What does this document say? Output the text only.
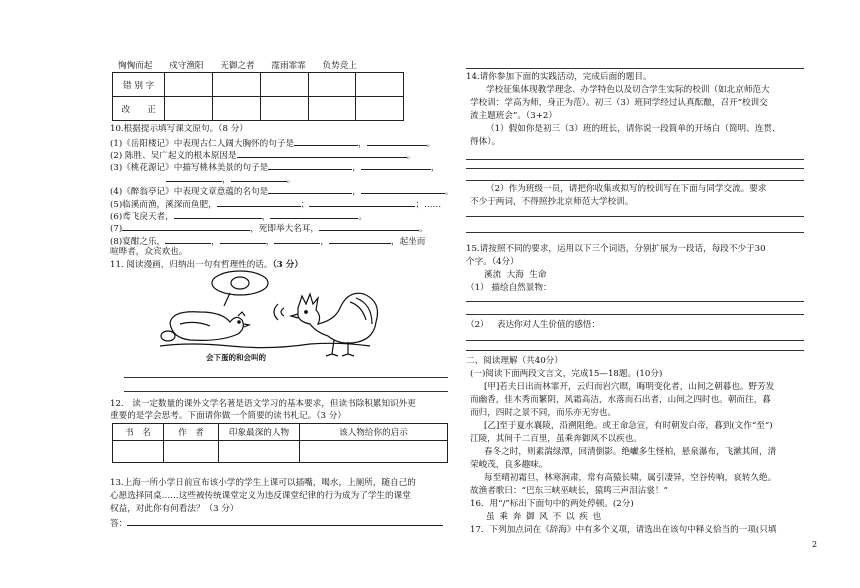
恟恟而起 戍守渔阳 无御之者 霪雨霏霏 负势竞上
错 别 字					
改　　正					
10.根据提示填写课文原句。（8 分）
(1)《岳阳楼记》中表现古仁人阔大胸怀的句子是	，	。
(2) 陈胜、吴广起义的根本原因是	。
(3)《桃花源记》中描写桃林美景的句子是	，	，
，	。
(4)《醉翁亭记》中表现文章意蕴的名句是	，	。
(5)临溪而渔，溪深而鱼肥，	；	；……
(6)鸢飞戾天者，	，	。
(7)	，死即举大名耳，	。
(8)宴酣之乐，	，	，	，	，起坐而
喧哗者，众宾欢也。
11. 阅读漫画，归纳出一句有哲理性的话。（3 分）
会下蛋的和会叫的
12.　读一定数量的课外文学名著是语文学习的基本要求，但读书除积累知识外更
重要的是学会思考。下面请你做一个简要的读书札记。（3 分）
书　名	作　者	印象最深的人物	该人物给你的启示

13.上海一所小学日前宣布该小学的学生上课可以插嘴，喝水，上厕所，随自己的
心愿选择同桌……这些被传统课堂定义为违反课堂纪律的行为成为了学生的课堂
权益，对此你有何看法？（3 分）
答：
14.请你参加下面的实践活动，完成后面的题目。
学校征集体现教学理念、办学特色以及切合学生实际的校训（如北京师范大
学校训：学高为师，身正为范）。初三（3）班同学经过认真酝酿，召开“校训交
流主题班会”。（3+2）
（1）假如你是初三（3）班的班长，请你说一段简单的开场白（简明、连贯、
得体）。
（2）作为班级一员，请把你收集或拟写的校训写在下面与同学交流。要求
不少于两词，不得照抄北京师范大学校训。
15.请按照不同的要求，运用以下三个词语，分别扩展为一段话，每段不少于30
个字。（4分）
溪流  大海  生命
（1） 描绘自然景物：
（2）   表达你对人生价值的感悟：
二、阅读理解（共40分）
(一)阅读下面两段文言文，完成15—18题。(10分)
[甲]若夫日出而林霏开，云归而岩穴暝，晦明变化者，山间之朝暮也。野芳发
而幽香，佳木秀而繁阴，风霜高洁，水落而石出者，山间之四时也。朝而往，暮
而归，四时之景不同，而乐亦无穷也。
[乙]至于夏水襄陵，沿溯阻绝。或王命急宣，有时朝发白帝，暮到(文作“至”)
江陵，其间千二百里，虽乘奔御风不以疾也。
春冬之时，则素湍绿潭，回清倒影。绝巘多生怪柏，悬泉瀑布，飞漱其间，清
荣峻茂，良多趣味。
每至晴初霜旦，林寒涧肃，常有高猿长啸，属引凄异，空谷传响，哀转久绝。
故渔者歌曰：“巴东三峡巫峡长，猿鸣三声泪沾裳！”
16．用“/”标出下面句中的两处停顿。(2分)
虽 乘 奔 御 风 不 以 疾 也
17．下列加点词在《辞海》中有多个义项，请选出在该句中释义恰当的一项(只填
2
